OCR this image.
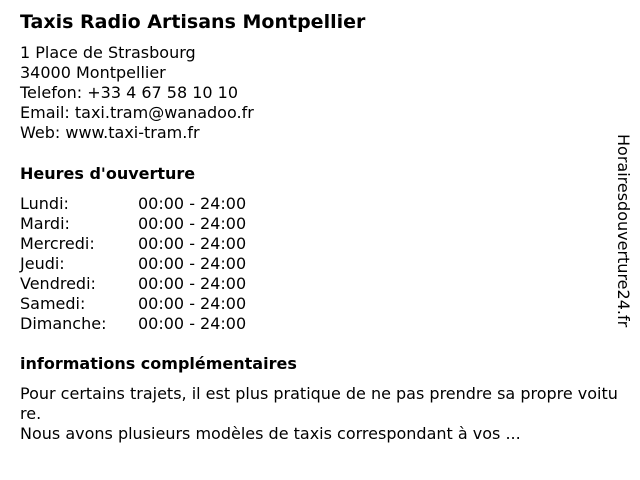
Taxis Radio Artisans Montpellier
1 Place de Strasbourg
34000 Montpellier
Telefon: +33 4 67 58 10 10
Email: taxi.tram@wanadoo.fr
Web: www.taxi-tram.fr
Heures d'ouverture
Lundi:	00:00 - 24:00
Mardi:	00:00 - 24:00
Mercredi:	00:00 - 24:00
Jeudi:	00:00 - 24:00
Vendredi:	00:00 - 24:00
Samedi:	00:00 - 24:00
Dimanche:	00:00 - 24:00
informations complémentaires

Pour certains trajets, il est plus pratique de ne pas prendre sa propre voiture.

Nous avons plusieurs modèles de taxis correspondant à vos ...

Horairesdouverture24.fr
